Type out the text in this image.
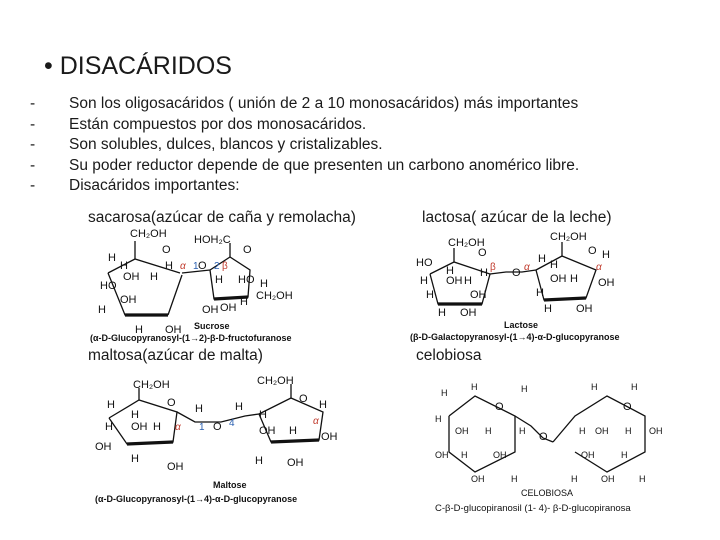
• DISACÁRIDOS
- Son los oligosacáridos ( unión de 2 a 10 monosacáridos) más importantes
- Están compuestos por dos monosacáridos.
- Son solubles, dulces, blancos y cristalizables.
- Su poder reductor depende de que presenten un carbono anomérico libre.
- Disacáridos importantes:
sacarosa(azúcar de caña y remolacha)	lactosa( azúcar de la leche)
maltosa(azúcar de malta)	celobiosa
CH₂OH HOH₂C
O	O
H
H	H
OH H
HO
OH
H
H OH
α 1 O 2 β
H HO H
CH₂OH
OH
OH
H
Sucrose
(α-D-Glucopyranosyl-(1→2)-β-D-fructofuranose
CH₂OH	CH₂OH
O	O
HO
H
H H
OH H
H	OH
H OH
β O α
H H
H
α
OH H OH
H
H OH
Lactose
(β-D-Galactopyranosyl-(1→4)-α-D-glucopyranose
CH₂OH	CH₂OH
O	O
H
H	H	H
H
H
H OH H α 1 O 4
OH H
α
OH
OH
H
OH	H OH
Maltose
(α-D-Glucopyranosyl-(1→4)-α-D-glucopyranose
O	O
O
H
H	H	H	H
H
OH H	H	H OH H OH
OH H	OH	OH	H
OH	H	H	OH	H
CELOBIOSA
C-β-D-glucopiranosil (1- 4)- β-D-glucopiranosa
